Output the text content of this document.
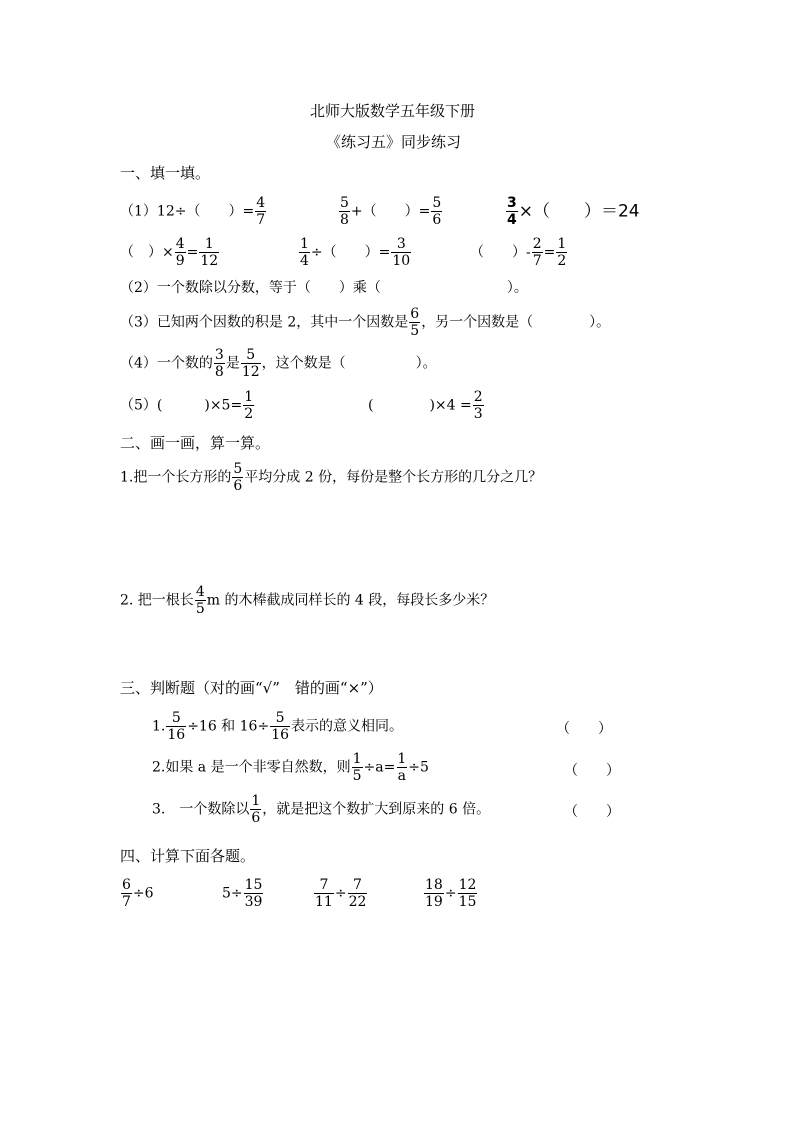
北师大版数学五年级下册
《练习五》同步练习
一、填一填。
（1）12÷（　　）= $\frac{4}{7}$	$\frac{5}{8}$ +（　　）= $\frac{5}{6}$	$\frac{3}{4}$ ×（　　）＝24
（　）× $\frac{4}{9} = \frac{1}{12}$	$\frac{1}{4}$ ÷（　　）= $\frac{3}{10}$	（　　）- $\frac{2}{7} = \frac{1}{2}$
（2）一个数除以分数，等于（　　）乘（　　　　　　　　　）。
（3）已知两个因数的积是 2，其中一个因数是 $\frac{6}{5}$ ，另一个因数是（　　　　）。
（4）一个数的 $\frac{3}{8}$ 是 $\frac{5}{12}$ ，这个数是（　　　　　）。
（5）(　　　)$\times 5= \frac{1}{2}$	(　　　　)$\times 4 = \frac{2}{3}$
二、画一画，算一算。
1.把一个长方形的 $\frac{5}{6}$ 平均分成 2 份，每份是整个长方形的几分之几？
2. 把一根长 $\frac{4}{5}$ m 的木棒截成同样长的 4 段，每段长多少米？
三、判断题（对的画“√”　错的画“×”）
1. $\frac{5}{16} \div 16$ 和 $16\div \frac{5}{16}$ 表示的意义相同。	（　　）
2.如果 a 是一个非零自然数，则 $\frac{1}{5} \div a= \frac{1}{a} \div 5$	（　　）
3.　一个数除以 $\frac{1}{6}$ ，就是把这个数扩大到原来的 6 倍。	（　　）
四、计算下面各题。
$\frac{6}{7} \div 6$	$5\div \frac{15}{39}$	$\frac{7}{11} \div \frac{7}{22}$	$\frac{18}{19} \div \frac{12}{15}$
